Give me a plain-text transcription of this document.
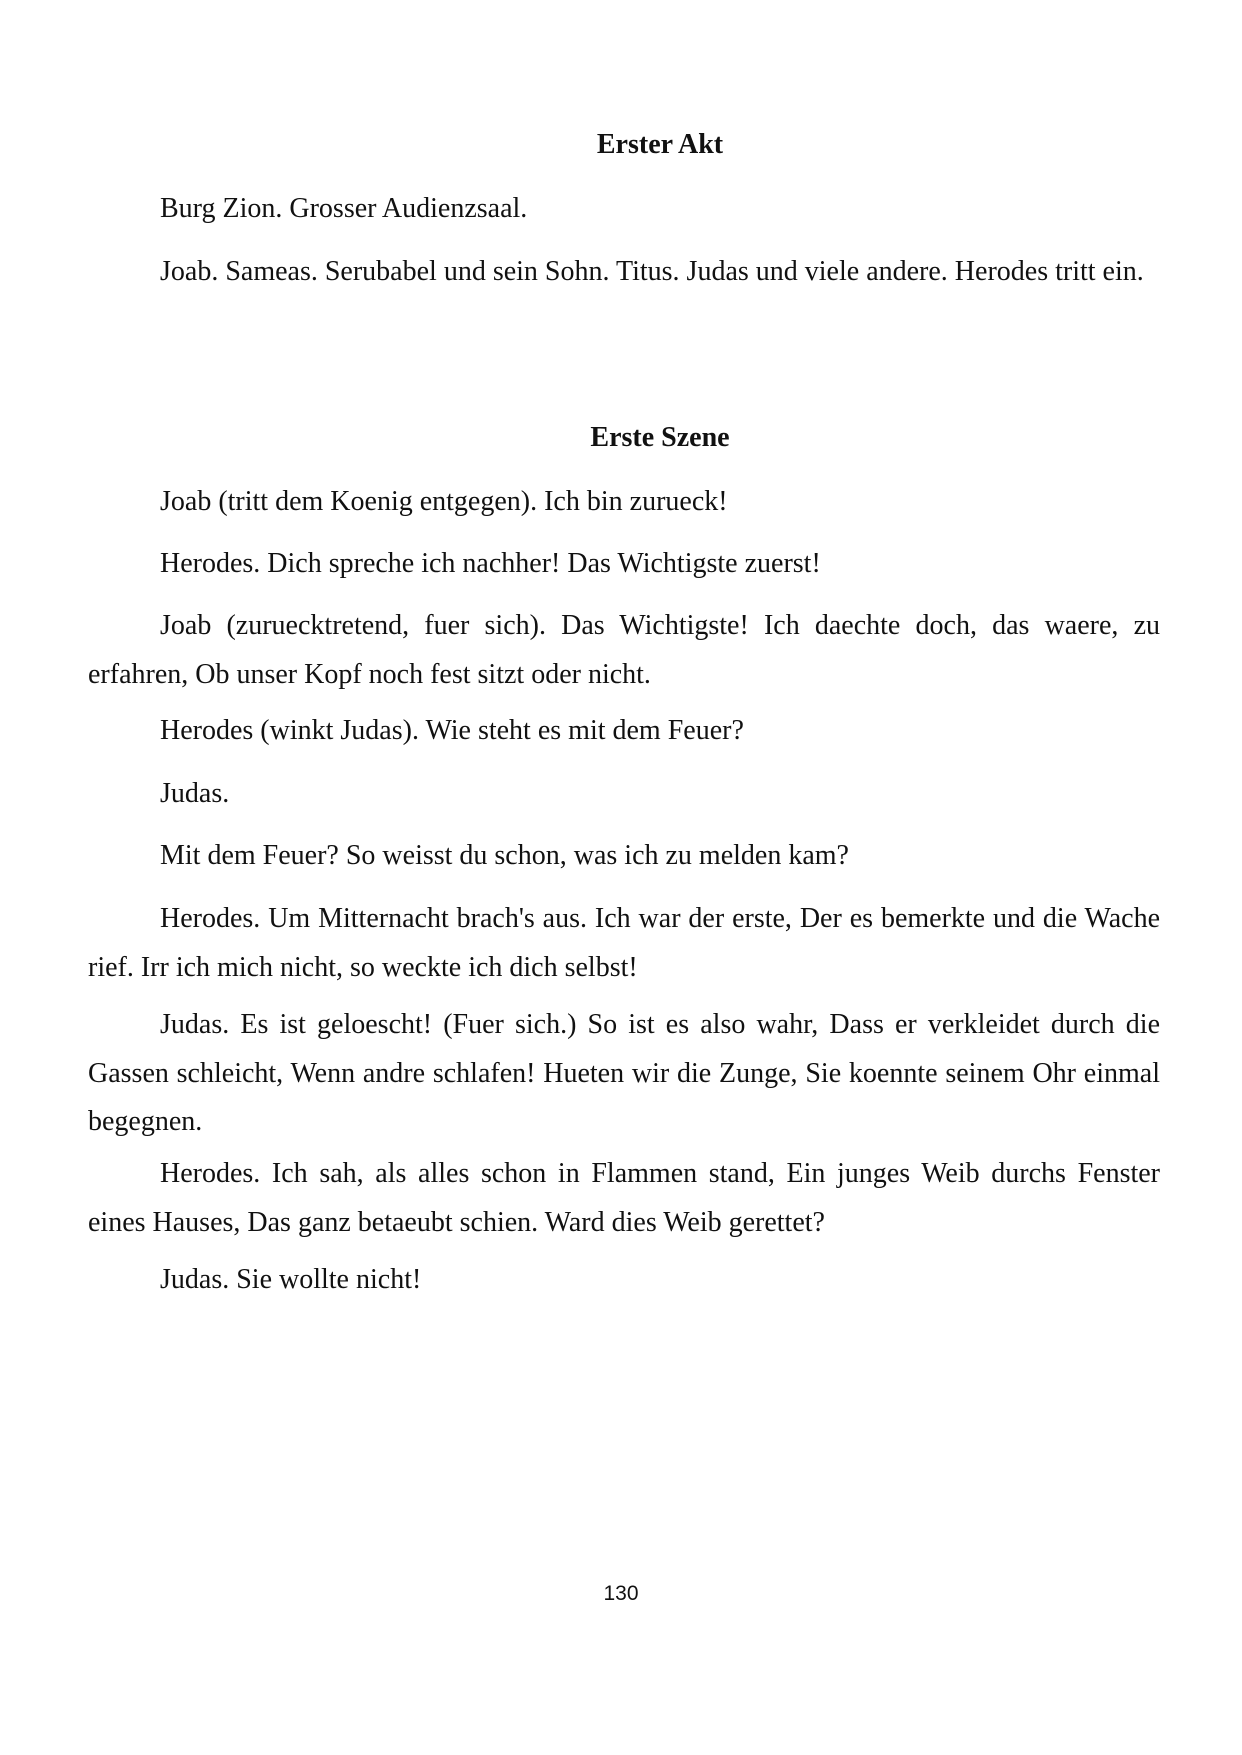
Erster Akt

Burg Zion. Grosser Audienzsaal.

Joab. Sameas. Serubabel und sein Sohn. Titus. Judas und viele andere. Herodes tritt ein.

Erste Szene

Joab (tritt dem Koenig entgegen). Ich bin zurueck!

Herodes. Dich spreche ich nachher! Das Wichtigste zuerst!

Joab (zuruecktretend, fuer sich). Das Wichtigste! Ich daechte doch, das waere, zu erfahren, Ob unser Kopf noch fest sitzt oder nicht.

Herodes (winkt Judas). Wie steht es mit dem Feuer?

Judas.

Mit dem Feuer? So weisst du schon, was ich zu melden kam?

Herodes. Um Mitternacht brach's aus. Ich war der erste, Der es bemerkte und die Wache rief. Irr ich mich nicht, so weckte ich dich selbst!

Judas. Es ist geloescht! (Fuer sich.) So ist es also wahr, Dass er verkleidet durch die Gassen schleicht, Wenn andre schlafen! Hueten wir die Zunge, Sie koennte seinem Ohr einmal begegnen.

Herodes. Ich sah, als alles schon in Flammen stand, Ein junges Weib durchs Fenster eines Hauses, Das ganz betaeubt schien. Ward dies Weib gerettet?

Judas. Sie wollte nicht!

130
